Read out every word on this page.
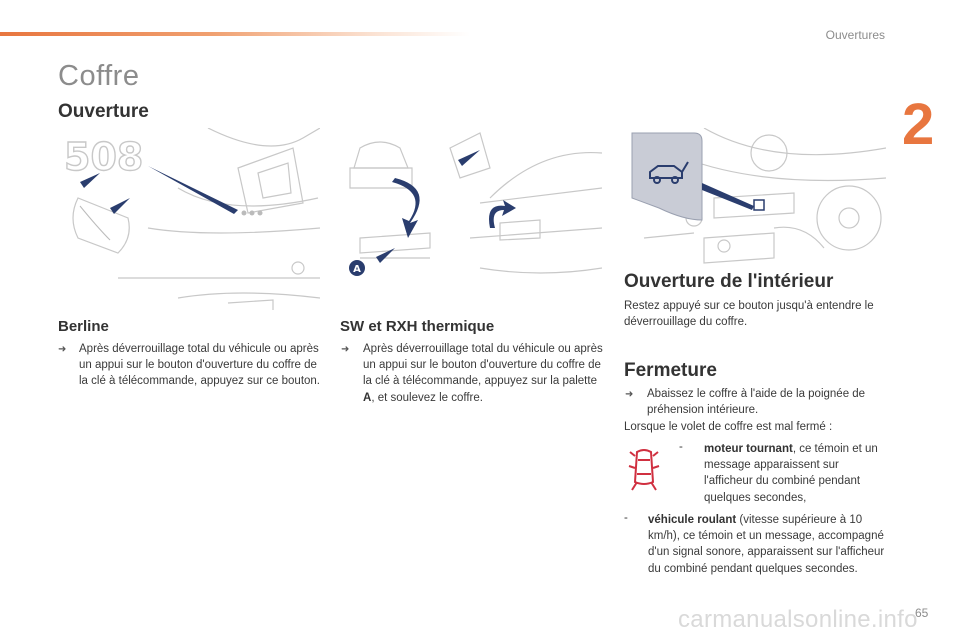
Ouvertures
2
Coffre
Ouverture
508
A
Berline
➜ Après déverrouillage total du véhicule ou après un appui sur le bouton d'ouverture du coffre de la clé à télécommande, appuyez sur ce bouton.
SW et RXH thermique
➜ Après déverrouillage total du véhicule ou après un appui sur le bouton d'ouverture du coffre de la clé à télécommande, appuyez sur la palette A, et soulevez le coffre.
Ouverture de l'intérieur
Restez appuyé sur ce bouton jusqu'à entendre le déverrouillage du coffre.
Fermeture
➜ Abaissez le coffre à l'aide de la poignée de préhension intérieure.
Lorsque le volet de coffre est mal fermé :
- moteur tournant, ce témoin et un message apparaissent sur l'afficheur du combiné pendant quelques secondes,
- véhicule roulant (vitesse supérieure à 10 km/h), ce témoin et un message, accompagné d'un signal sonore, apparaissent sur l'afficheur du combiné pendant quelques secondes.
carmanualsonline.info
65
